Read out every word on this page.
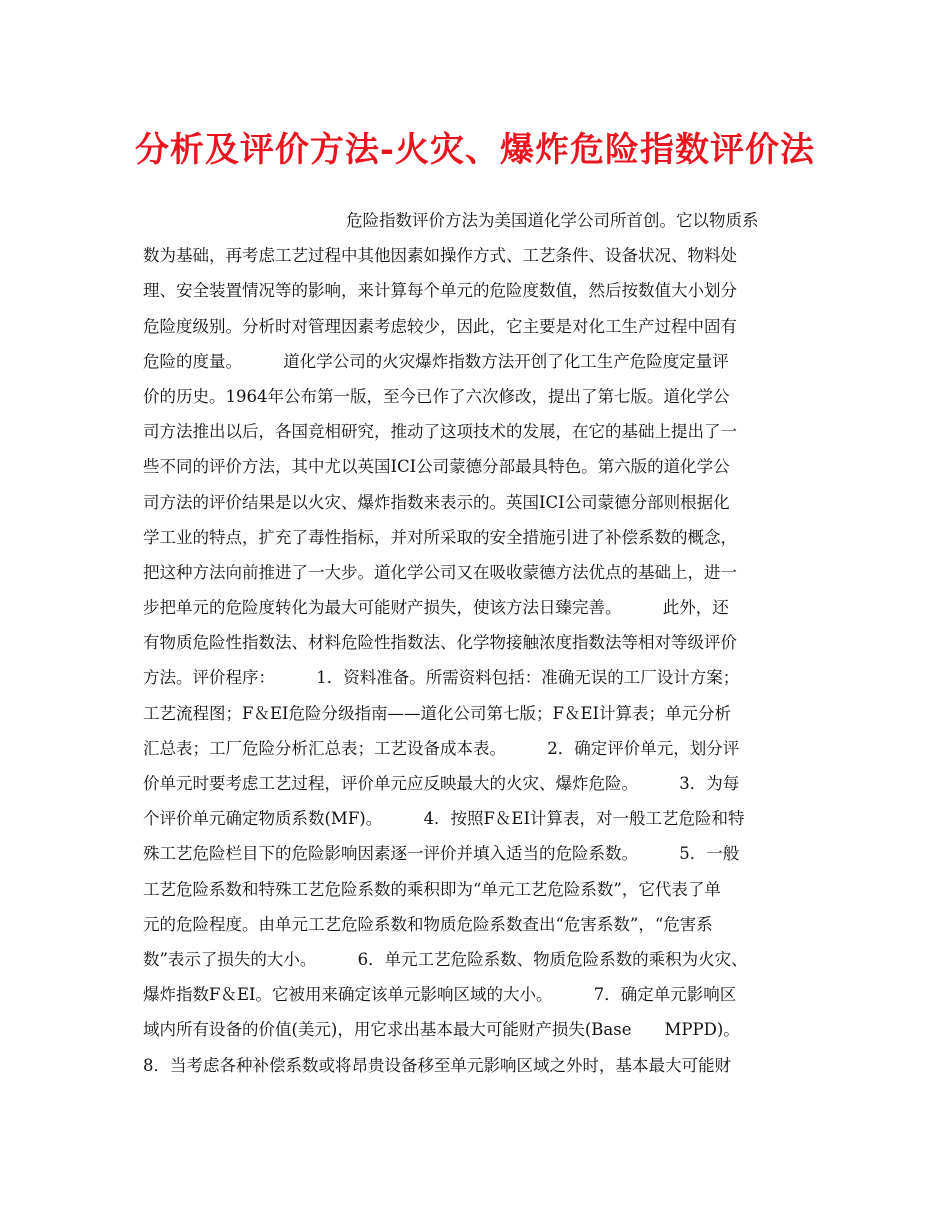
分析及评价方法-火灾、爆炸危险指数评价法
危险指数评价方法为美国道化学公司所首创。它以物质系
数为基础，再考虑工艺过程中其他因素如操作方式、工艺条件、设备状况、物料处
理、安全装置情况等的影响，来计算每个单元的危险度数值，然后按数值大小划分
危险度级别。分析时对管理因素考虑较少，因此，它主要是对化工生产过程中固有
危险的度量。　　　道化学公司的火灾爆炸指数方法开创了化工生产危险度定量评
价的历史。1964年公布第一版，至今已作了六次修改，提出了第七版。道化学公
司方法推出以后，各国竞相研究，推动了这项技术的发展，在它的基础上提出了一
些不同的评价方法，其中尤以英国ICI公司蒙德分部最具特色。第六版的道化学公
司方法的评价结果是以火灾、爆炸指数来表示的。英国ICI公司蒙德分部则根据化
学工业的特点，扩充了毒性指标，并对所采取的安全措施引进了补偿系数的概念，
把这种方法向前推进了一大步。道化学公司又在吸收蒙德方法优点的基础上，进一
步把单元的危险度转化为最大可能财产损失，使该方法日臻完善。　　　此外，还
有物质危险性指数法、材料危险性指数法、化学物接触浓度指数法等相对等级评价
方法。评价程序：　　　1．资料准备。所需资料包括：准确无误的工厂设计方案；
工艺流程图；F＆EI危险分级指南——道化公司第七版；F＆EI计算表；单元分析
汇总表；工厂危险分析汇总表；工艺设备成本表。　　　2．确定评价单元，划分评
价单元时要考虑工艺过程，评价单元应反映最大的火灾、爆炸危险。　　　3．为每
个评价单元确定物质系数(MF)。　　　4．按照F＆EI计算表，对一般工艺危险和特
殊工艺危险栏目下的危险影响因素逐一评价并填入适当的危险系数。　　　5．一般
工艺危险系数和特殊工艺危险系数的乘积即为“单元工艺危险系数”，它代表了单
元的危险程度。由单元工艺危险系数和物质危险系数查出“危害系数”，“危害系
数”表示了损失的大小。　　　6．单元工艺危险系数、物质危险系数的乘积为火灾、
爆炸指数F＆EI。它被用来确定该单元影响区域的大小。　　　7．确定单元影响区
域内所有设备的价值(美元)，用它求出基本最大可能财产损失(Base　　MPPD)。
8．当考虑各种补偿系数或将昂贵设备移至单元影响区域之外时，基本最大可能财
